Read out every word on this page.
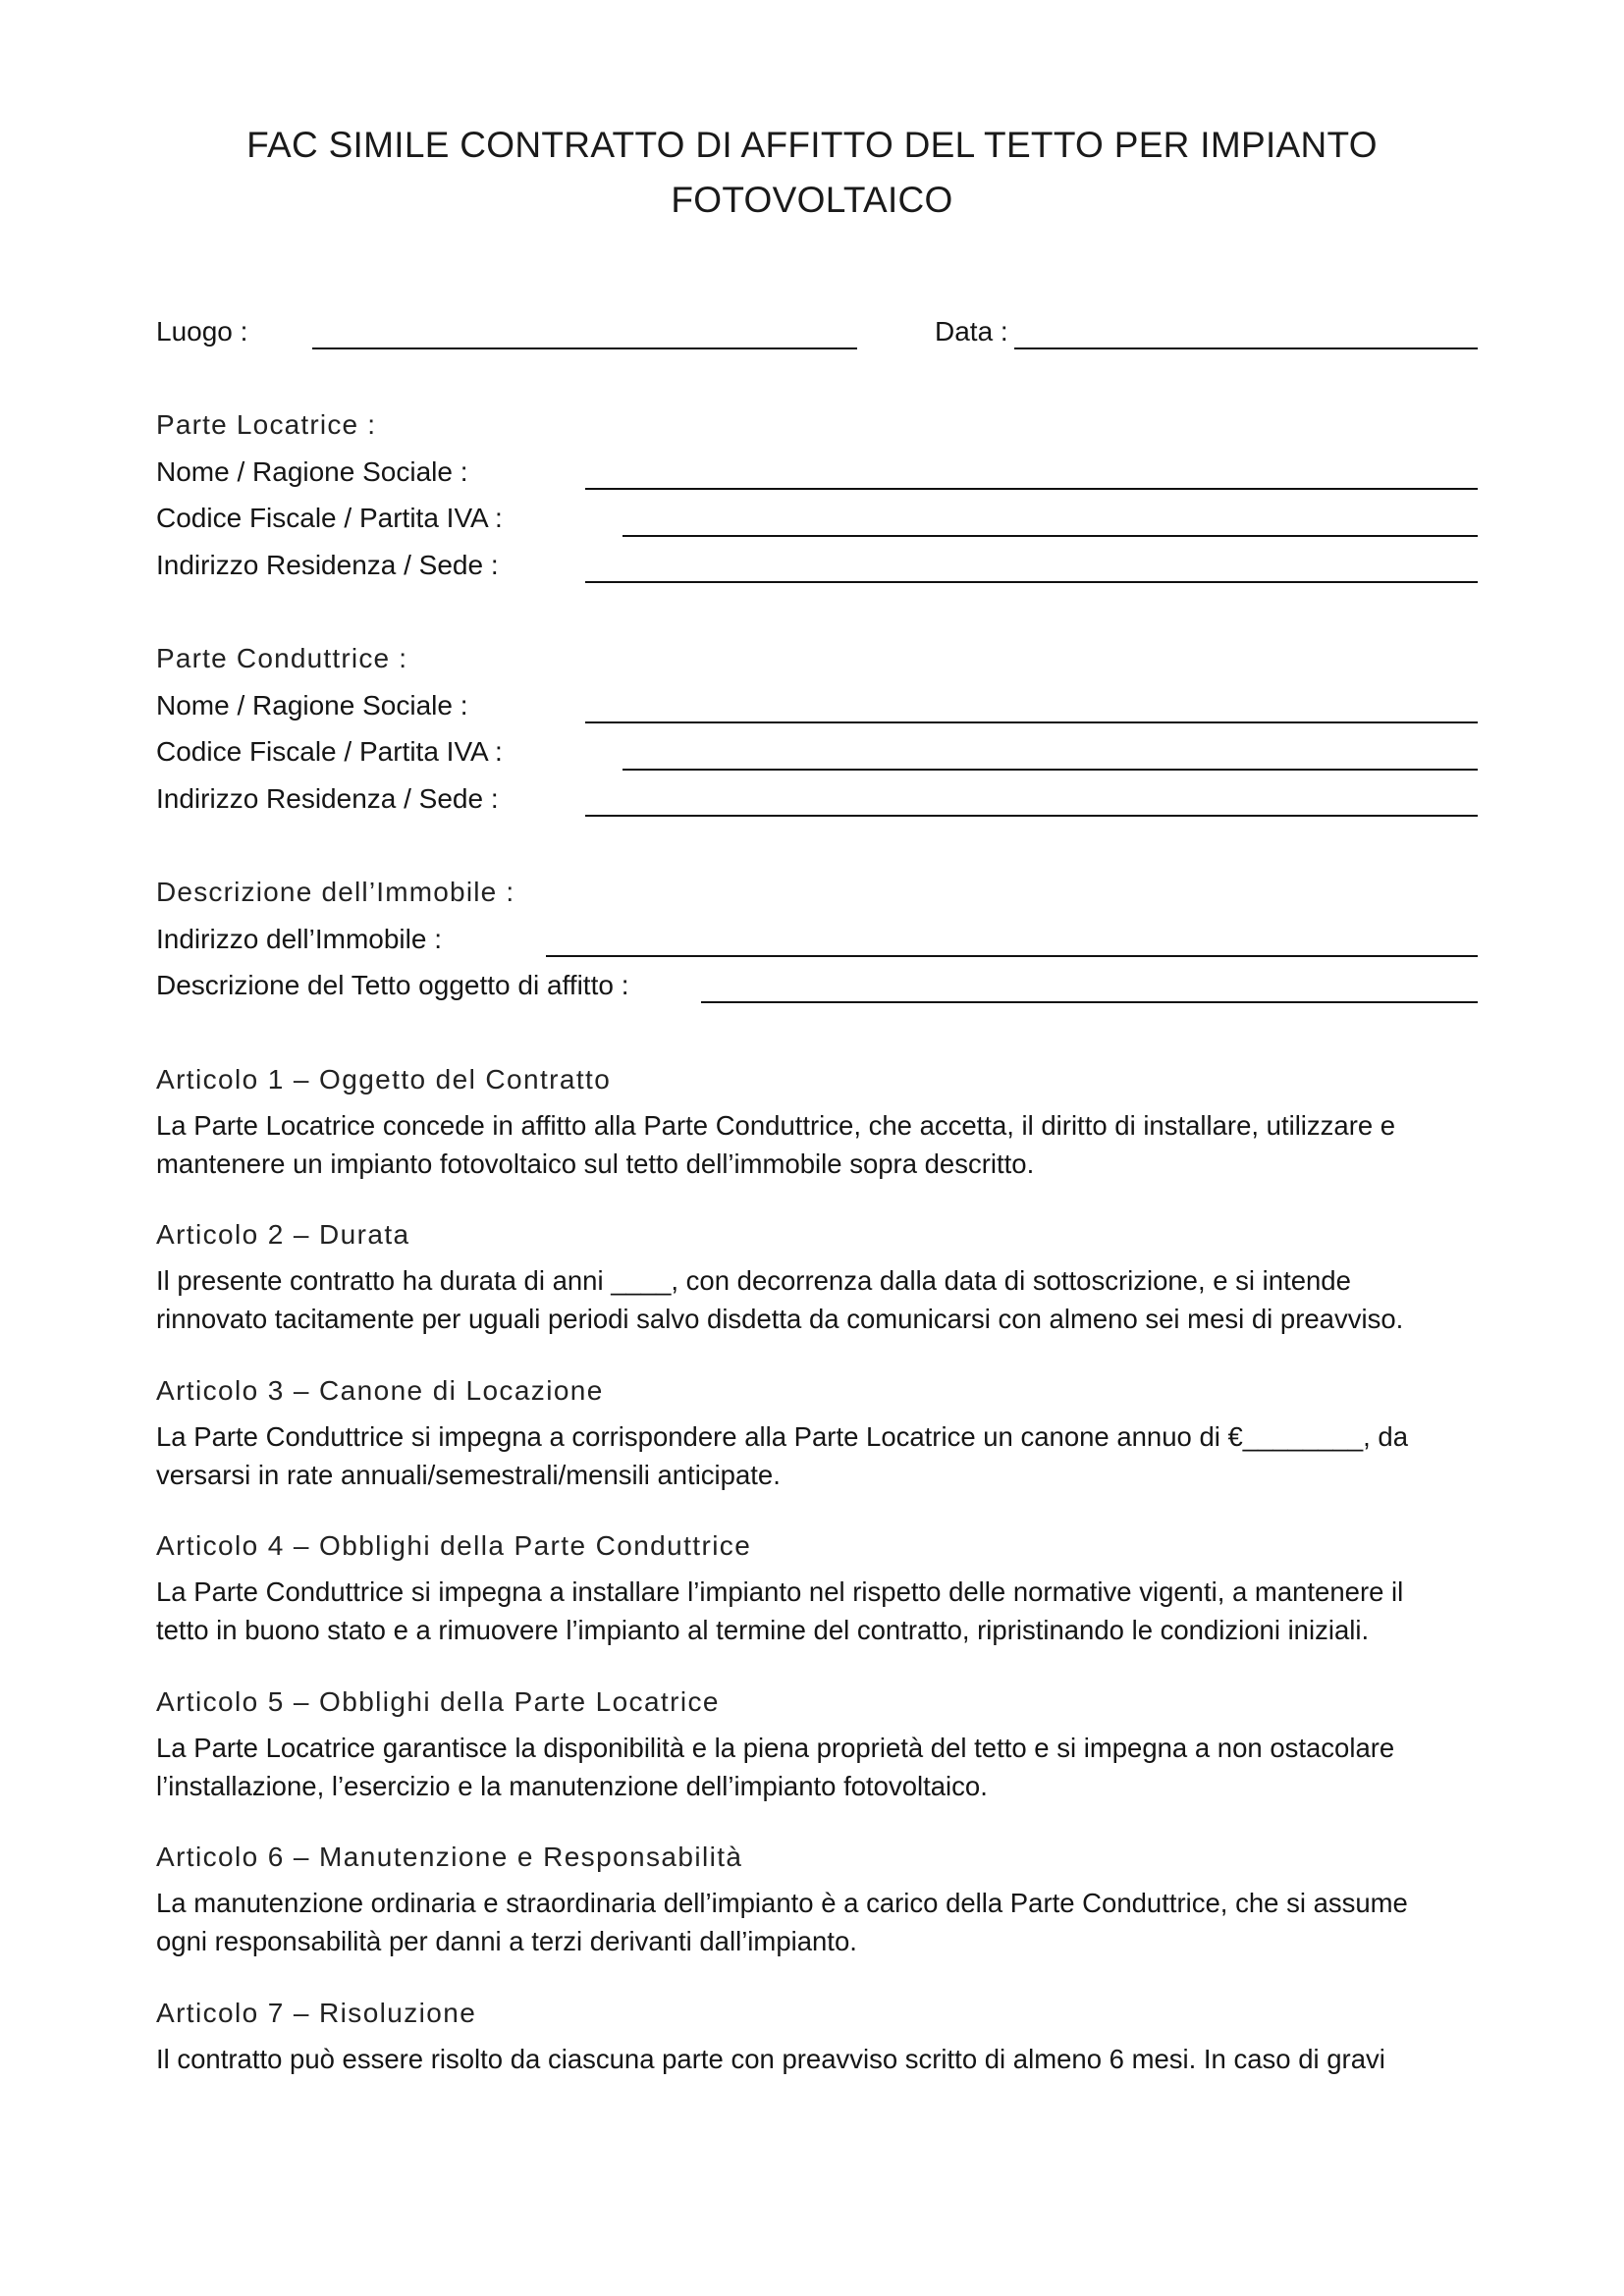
FAC SIMILE CONTRATTO DI AFFITTO DEL TETTO PER IMPIANTO
FOTOVOLTAICO
Luogo :	Data :
Parte Locatrice :
Nome / Ragione Sociale :
Codice Fiscale / Partita IVA :
Indirizzo Residenza / Sede :
Parte Conduttrice :
Nome / Ragione Sociale :
Codice Fiscale / Partita IVA :
Indirizzo Residenza / Sede :
Descrizione dell’Immobile :
Indirizzo dell’Immobile :
Descrizione del Tetto oggetto di affitto :
Articolo 1 – Oggetto del Contratto
La Parte Locatrice concede in affitto alla Parte Conduttrice, che accetta, il diritto di installare, utilizzare e
mantenere un impianto fotovoltaico sul tetto dell’immobile sopra descritto.
Articolo 2 – Durata
Il presente contratto ha durata di anni ____, con decorrenza dalla data di sottoscrizione, e si intende
rinnovato tacitamente per uguali periodi salvo disdetta da comunicarsi con almeno sei mesi di preavviso.
Articolo 3 – Canone di Locazione
La Parte Conduttrice si impegna a corrispondere alla Parte Locatrice un canone annuo di €________, da
versarsi in rate annuali/semestrali/mensili anticipate.
Articolo 4 – Obblighi della Parte Conduttrice
La Parte Conduttrice si impegna a installare l’impianto nel rispetto delle normative vigenti, a mantenere il
tetto in buono stato e a rimuovere l’impianto al termine del contratto, ripristinando le condizioni iniziali.
Articolo 5 – Obblighi della Parte Locatrice
La Parte Locatrice garantisce la disponibilità e la piena proprietà del tetto e si impegna a non ostacolare
l’installazione, l’esercizio e la manutenzione dell’impianto fotovoltaico.
Articolo 6 – Manutenzione e Responsabilità
La manutenzione ordinaria e straordinaria dell’impianto è a carico della Parte Conduttrice, che si assume
ogni responsabilità per danni a terzi derivanti dall’impianto.
Articolo 7 – Risoluzione
Il contratto può essere risolto da ciascuna parte con preavviso scritto di almeno 6 mesi. In caso di gravi
